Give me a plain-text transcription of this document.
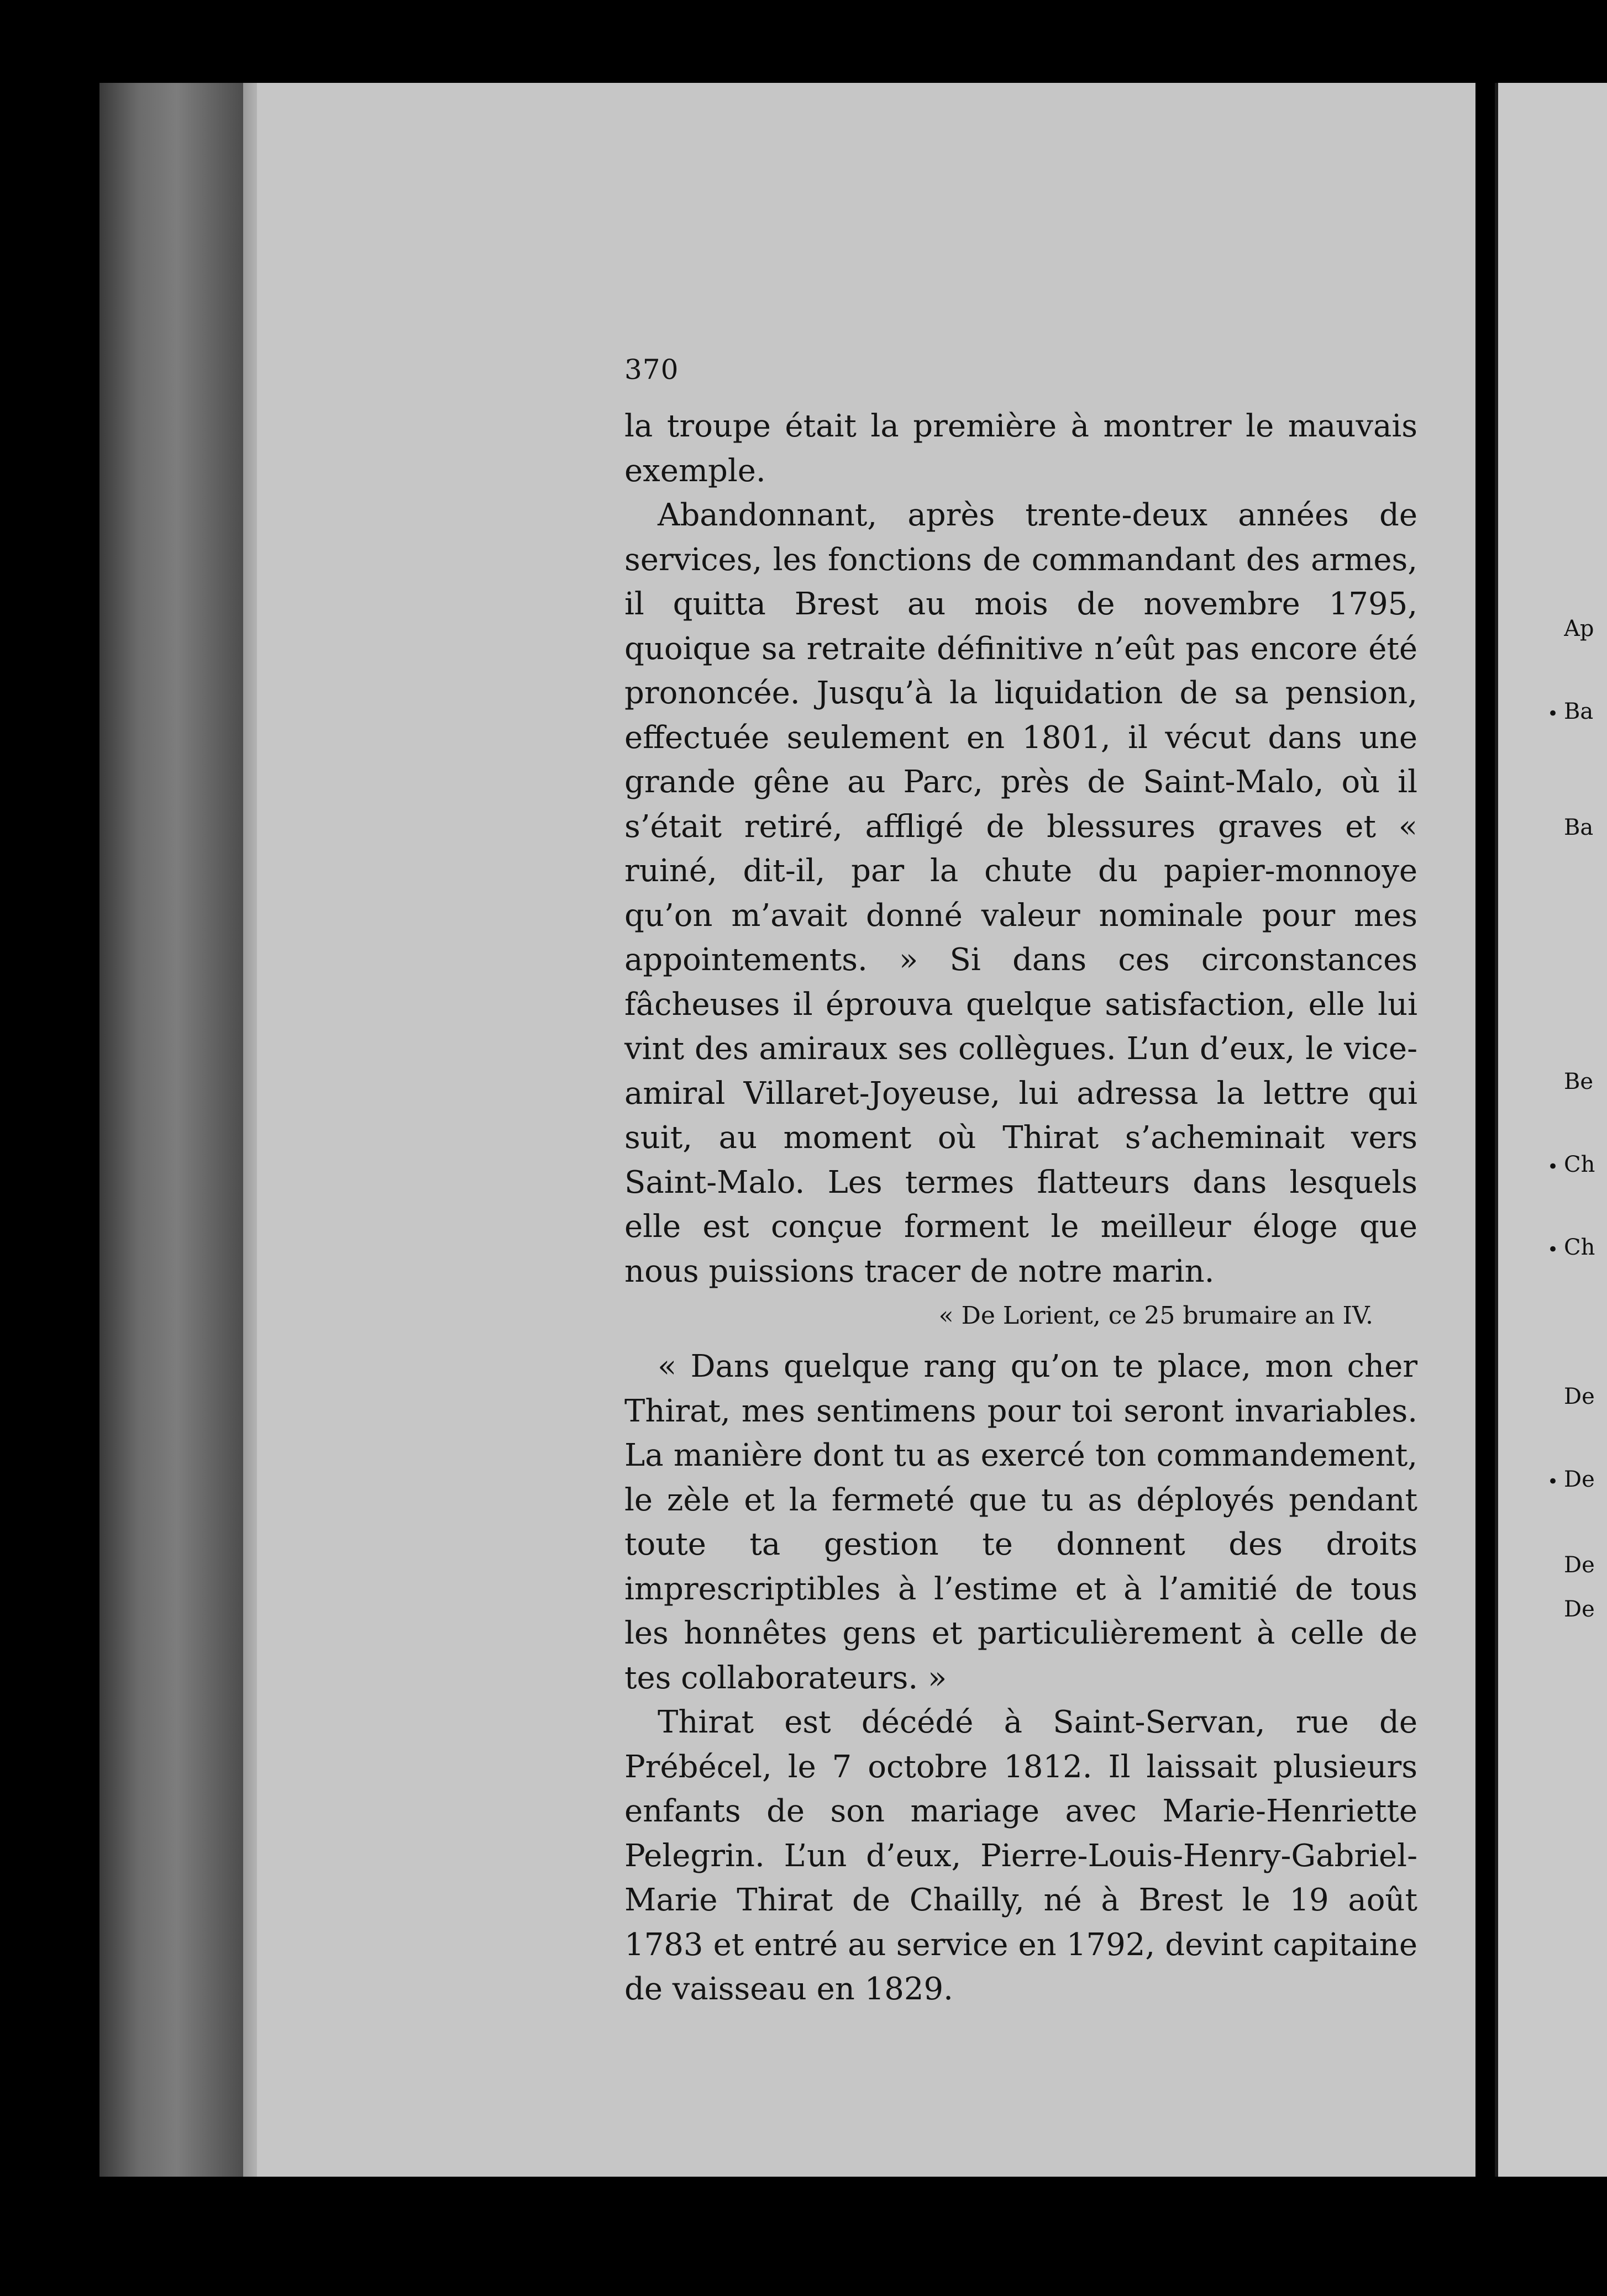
370

la troupe était la première à montrer le mauvais exemple.

Abandonnant, après trente-deux années de services, les fonctions de commandant des armes, il quitta Brest au mois de novembre 1795, quoique sa retraite définitive n’eût pas encore été prononcée. Jusqu’à la liquidation de sa pension, effectuée seulement en 1801, il vécut dans une grande gêne au Parc, près de Saint-Malo, où il s’était retiré, affligé de blessures graves et « ruiné, dit-il, par la chute du papier-monnoye qu’on m’avait donné valeur nominale pour mes appointements. » Si dans ces circonstances fâcheuses il éprouva quelque satisfaction, elle lui vint des amiraux ses collègues. L’un d’eux, le vice-amiral Villaret-Joyeuse, lui adressa la lettre qui suit, au moment où Thirat s’acheminait vers Saint-Malo. Les termes flatteurs dans lesquels elle est conçue forment le meilleur éloge que nous puissions tracer de notre marin.

« De Lorient, ce 25 brumaire an IV.

« Dans quelque rang qu’on te place, mon cher Thirat, mes sentimens pour toi seront invariables. La manière dont tu as exercé ton commandement, le zèle et la fermeté que tu as déployés pendant toute ta gestion te donnent des droits imprescriptibles à l’estime et à l’amitié de tous les honnêtes gens et particulièrement à celle de tes collaborateurs. »

Thirat est décédé à Saint-Servan, rue de Prébécel, le 7 octobre 1812. Il laissait plusieurs enfants de son mariage avec Marie-Henriette Pelegrin. L’un d’eux, Pierre-Louis-Henry-Gabriel-Marie Thirat de Chailly, né à Brest le 19 août 1783 et entré au service en 1792, devint capitaine de vaisseau en 1829.

Ap
Ba
Ba
Be
Ch
Ch
De
De
De
De
•
•
•
•
